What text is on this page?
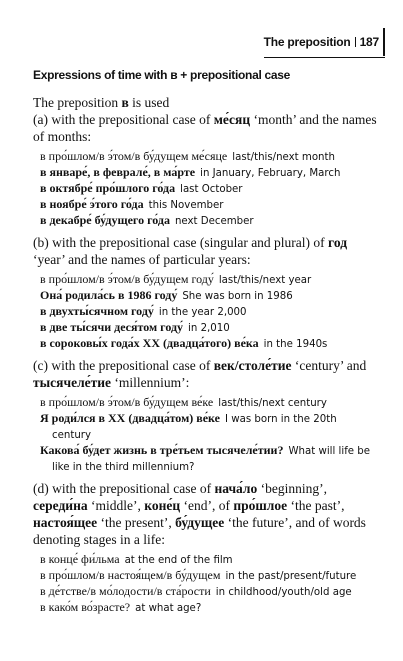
The preposition 187
Expressions of time with в + prepositional case
The preposition в is used
(a) with the prepositional case of ме́сяц ‘month’ and the names of months:
в про́шлом/в э́том/в бу́дущем ме́сяце last/this/next month
в январе́, в феврале́, в ма́рте in January, February, March
в октябре́ про́шлого го́да last October
в ноябре́ э́того го́да this November
в декабре́ бу́дущего го́да next December
(b) with the prepositional case (singular and plural) of год ‘year’ and the names of particular years:
в про́шлом/в э́том/в бу́дущем году́ last/this/next year
Она́ родила́сь в 1986 году́ She was born in 1986
в двухты́сячном году́ in the year 2,000
в две ты́сячи деся́том году́ in 2,010
в сороковы́х года́х XX (двадца́того) ве́ка in the 1940s
(c) with the prepositional case of век/столе́тие ‘century’ and тысячеле́тие ‘millennium’:
в про́шлом/в э́том/в бу́дущем ве́ке last/this/next century
Я роди́лся в XX (двадца́том) ве́ке I was born in the 20th century
Какова́ бу́дет жизнь в тре́тьем тысячеле́тии? What will life be like in the third millennium?
(d) with the prepositional case of нача́ло ‘beginning’, середи́на ‘middle’, коне́ц ‘end’, of про́шлое ‘the past’, настоя́щее ‘the present’, бу́дущее ‘the future’, and of words denoting stages in a life:
в конце́ фи́льма at the end of the film
в про́шлом/в настоя́щем/в бу́дущем in the past/present/future
в де́тстве/в мо́лодости/в ста́рости in childhood/youth/old age
в како́м во́зрасте? at what age?
